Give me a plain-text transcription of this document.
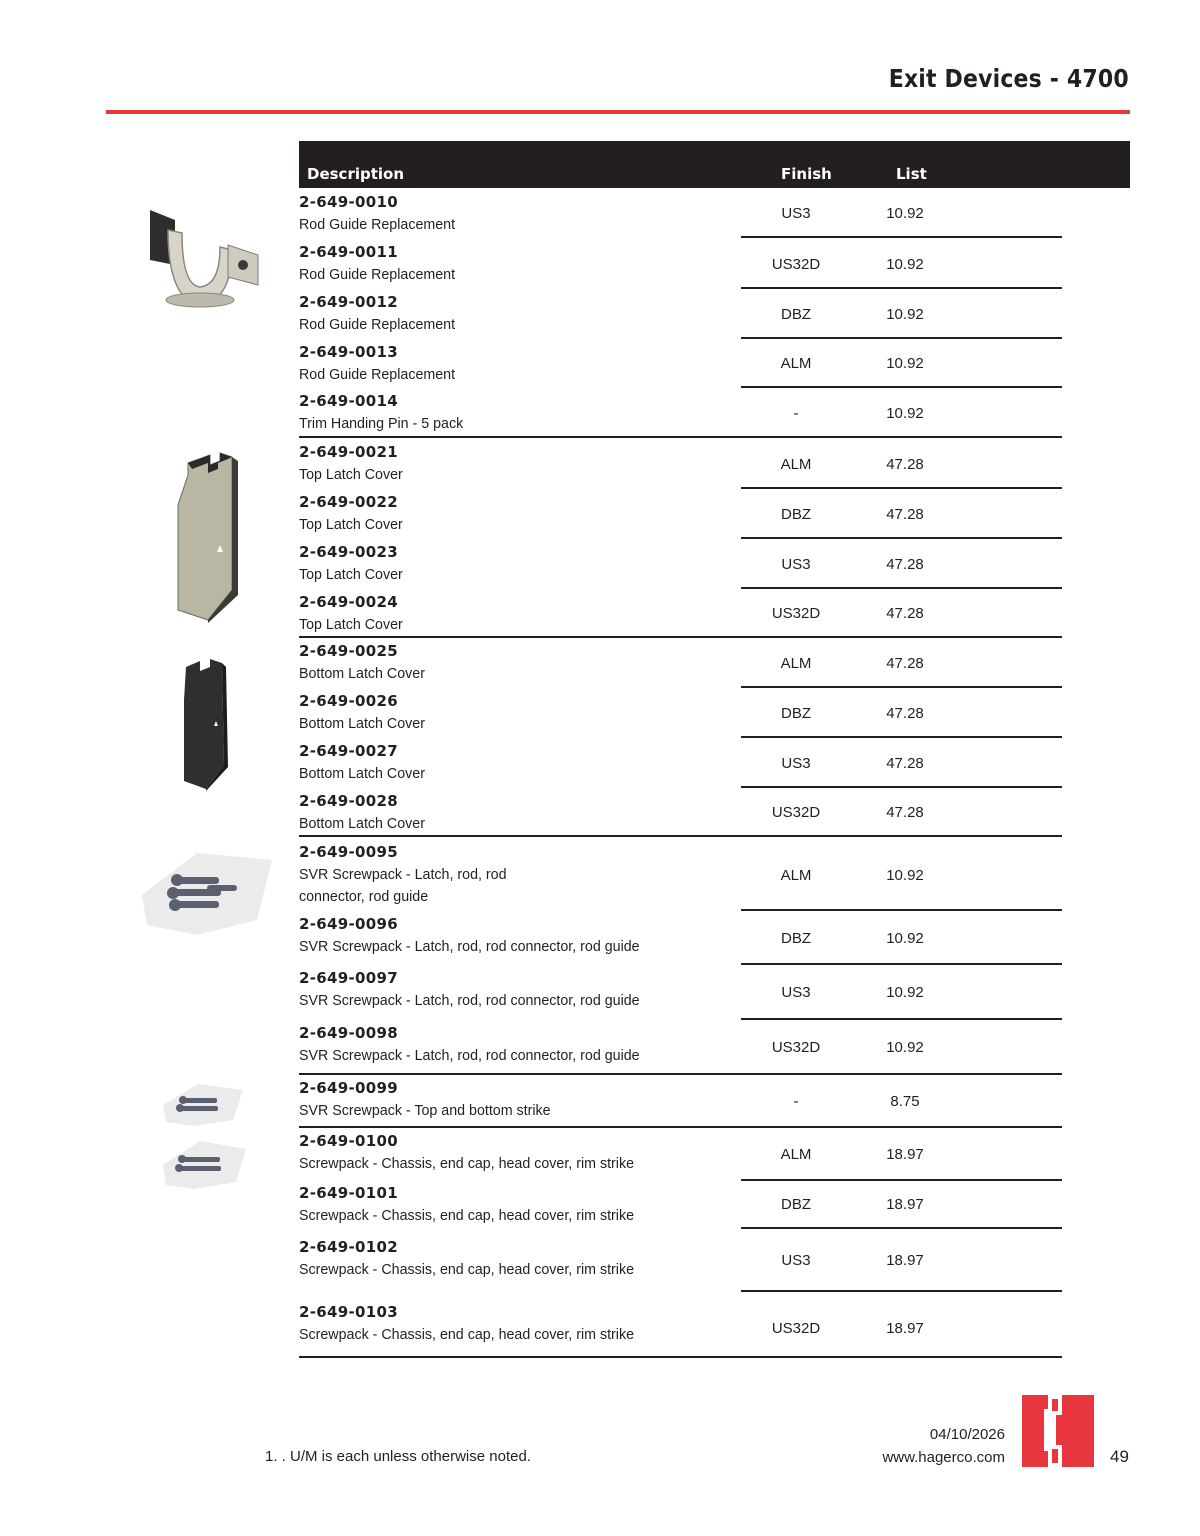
Exit Devices - 4700
Description	Finish	List
2-649-0010
Rod Guide Replacement
US3	10.92
2-649-0011
Rod Guide Replacement
US32D	10.92
2-649-0012
Rod Guide Replacement
DBZ	10.92
2-649-0013
Rod Guide Replacement
ALM	10.92
2-649-0014
Trim Handing Pin - 5 pack
-	10.92
2-649-0021
Top Latch Cover
ALM	47.28
2-649-0022
Top Latch Cover
DBZ	47.28
2-649-0023
Top Latch Cover
US3	47.28
2-649-0024
Top Latch Cover
US32D	47.28
2-649-0025
Bottom Latch Cover
ALM	47.28
2-649-0026
Bottom Latch Cover
DBZ	47.28
2-649-0027
Bottom Latch Cover
US3	47.28
2-649-0028
Bottom Latch Cover
US32D	47.28
2-649-0095
SVR Screwpack - Latch, rod, rod connector, rod guide
ALM	10.92
2-649-0096
SVR Screwpack - Latch, rod, rod connector, rod guide	DBZ	10.92
2-649-0097
SVR Screwpack - Latch, rod, rod connector, rod guide	US3	10.92
2-649-0098
SVR Screwpack - Latch, rod, rod connector, rod guide	US32D	10.92
2-649-0099
SVR Screwpack - Top and bottom strike
-	8.75
2-649-0100
Screwpack - Chassis, end cap, head cover, rim strike
ALM	18.97
2-649-0101
Screwpack - Chassis, end cap, head cover, rim strike
DBZ	18.97
2-649-0102
Screwpack - Chassis, end cap, head cover, rim strike
US3	18.97
2-649-0103
Screwpack - Chassis, end cap, head cover, rim strike	US32D	18.97
1. . U/M is each unless otherwise noted.
04/10/2026
www.hagerco.com	49
